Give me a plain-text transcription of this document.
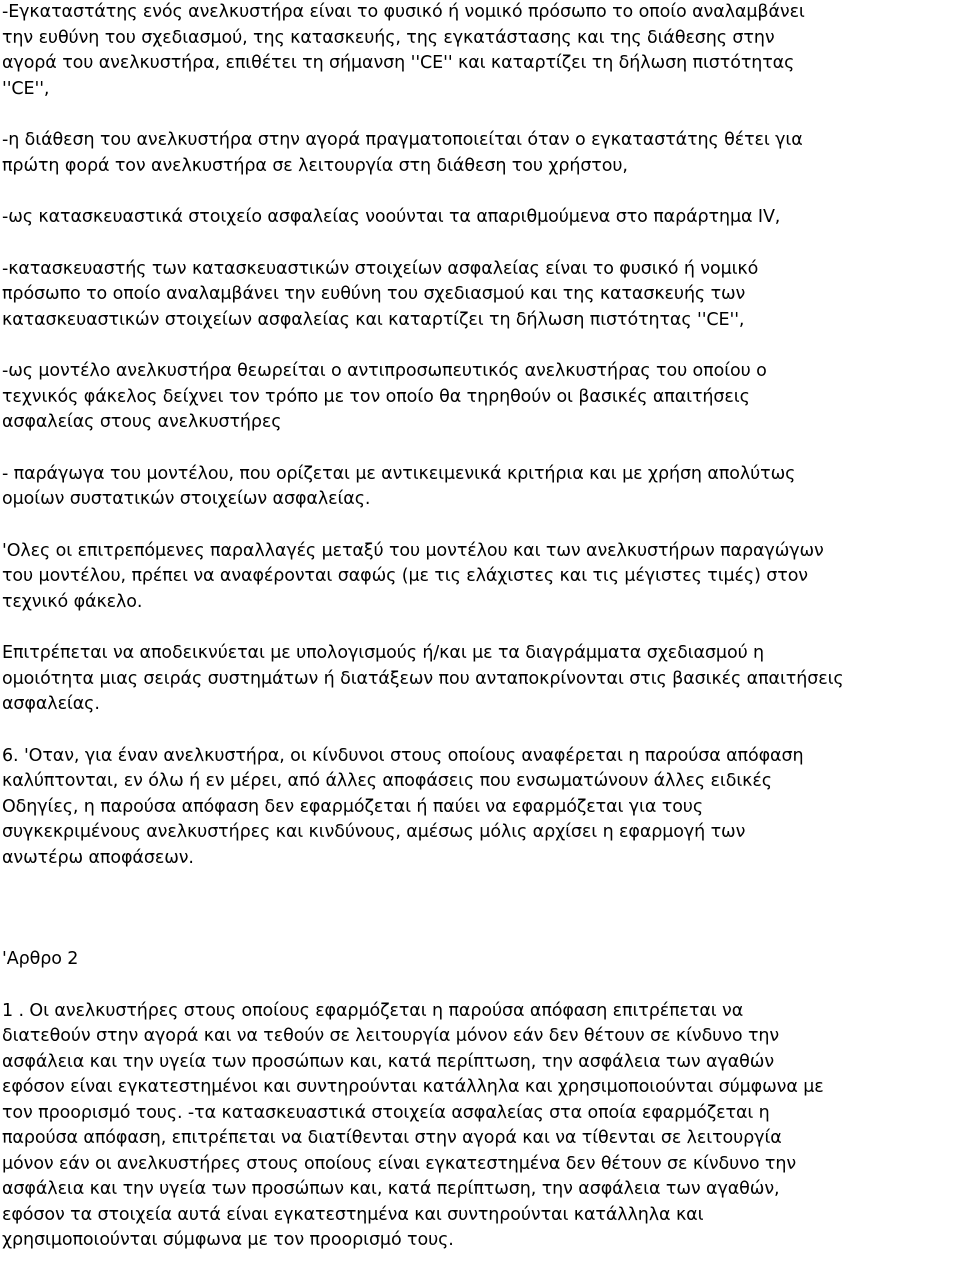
-Εγκαταστάτης ενός ανελκυστήρα είναι το φυσικό ή νομικό πρόσωπο το οποίο αναλαμβάνει
την ευθύνη του σχεδιασμού, της κατασκευής, της εγκατάστασης και της διάθεσης στην
αγορά του ανελκυστήρα, επιθέτει τη σήμανση ''CE'' και καταρτίζει τη δήλωση πιστότητας
''CE'',
-η διάθεση του ανελκυστήρα στην αγορά πραγματοποιείται όταν ο εγκαταστάτης θέτει για
πρώτη φορά τον ανελκυστήρα σε λειτουργία στη διάθεση του χρήστου,
-ως κατασκευαστικά στοιχείο ασφαλείας νοούνται τα απαριθμούμενα στο παράρτημα IV,
-κατασκευαστής των κατασκευαστικών στοιχείων ασφαλείας είναι το φυσικό ή νομικό
πρόσωπο το οποίο αναλαμβάνει την ευθύνη του σχεδιασμού και της κατασκευής των
κατασκευαστικών στοιχείων ασφαλείας και καταρτίζει τη δήλωση πιστότητας ''CE'',
-ως μοντέλο ανελκυστήρα θεωρείται ο αντιπροσωπευτικός ανελκυστήρας του οποίου ο
τεχνικός φάκελος δείχνει τον τρόπο με τον οποίο θα τηρηθούν οι βασικές απαιτήσεις
ασφαλείας στους ανελκυστήρες
- παράγωγα του μοντέλου, που ορίζεται με αντικειμενικά κριτήρια και με χρήση απολύτως
ομοίων συστατικών στοιχείων ασφαλείας.
'Ολες οι επιτρεπόμενες παραλλαγές μεταξύ του μοντέλου και των ανελκυστήρων παραγώγων
του μοντέλου, πρέπει να αναφέρονται σαφώς (με τις ελάχιστες και τις μέγιστες τιμές) στον
τεχνικό φάκελο.
Επιτρέπεται να αποδεικνύεται με υπολογισμούς ή/και με τα διαγράμματα σχεδιασμού η
ομοιότητα μιας σειράς συστημάτων ή διατάξεων που ανταποκρίνονται στις βασικές απαιτήσεις
ασφαλείας.
6. 'Οταν, για έναν ανελκυστήρα, οι κίνδυνοι στους οποίους αναφέρεται η παρούσα απόφαση
καλύπτονται, εν όλω ή εν μέρει, από άλλες αποφάσεις που ενσωματώνουν άλλες ειδικές
Οδηγίες, η παρούσα απόφαση δεν εφαρμόζεται ή παύει να εφαρμόζεται για τους
συγκεκριμένους ανελκυστήρες και κινδύνους, αμέσως μόλις αρχίσει η εφαρμογή των
ανωτέρω αποφάσεων.
'Αρθρο 2
1 . Οι ανελκυστήρες στους οποίους εφαρμόζεται η παρούσα απόφαση επιτρέπεται να
διατεθούν στην αγορά και να τεθούν σε λειτουργία μόνον εάν δεν θέτουν σε κίνδυνο την
ασφάλεια και την υγεία των προσώπων και, κατά περίπτωση, την ασφάλεια των αγαθών
εφόσον είναι εγκατεστημένοι και συντηρούνται κατάλληλα και χρησιμοποιούνται σύμφωνα με
τον προορισμό τους. -τα κατασκευαστικά στοιχεία ασφαλείας στα οποία εφαρμόζεται η
παρούσα απόφαση, επιτρέπεται να διατίθενται στην αγορά και να τίθενται σε λειτουργία
μόνον εάν οι ανελκυστήρες στους οποίους είναι εγκατεστημένα δεν θέτουν σε κίνδυνο την
ασφάλεια και την υγεία των προσώπων και, κατά περίπτωση, την ασφάλεια των αγαθών,
εφόσον τα στοιχεία αυτά είναι εγκατεστημένα και συντηρούνται κατάλληλα και
χρησιμοποιούνται σύμφωνα με τον προορισμό τους.
